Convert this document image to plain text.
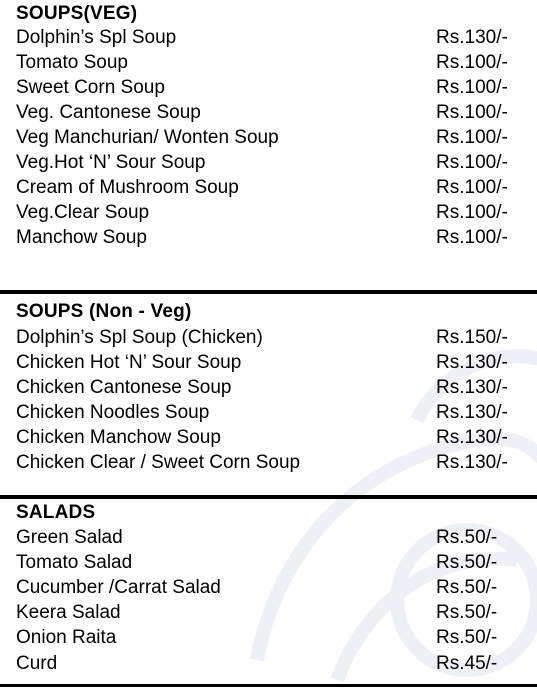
SOUPS(VEG)
Dolphin’s Spl Soup	Rs.130/-
Tomato Soup	Rs.100/-
Sweet Corn Soup	Rs.100/-
Veg. Cantonese Soup	Rs.100/-
Veg Manchurian/ Wonten Soup	Rs.100/-
Veg.Hot ‘N’ Sour Soup	Rs.100/-
Cream of Mushroom Soup	Rs.100/-
Veg.Clear Soup	Rs.100/-
Manchow Soup	Rs.100/-
SOUPS (Non - Veg)
Dolphin’s Spl Soup (Chicken)	Rs.150/-
Chicken Hot ‘N’ Sour Soup	Rs.130/-
Chicken Cantonese Soup	Rs.130/-
Chicken Noodles Soup	Rs.130/-
Chicken Manchow Soup	Rs.130/-
Chicken Clear / Sweet Corn Soup	Rs.130/-
SALADS
Green Salad	Rs.50/-
Tomato Salad	Rs.50/-
Cucumber /Carrat Salad	Rs.50/-
Keera Salad	Rs.50/-
Onion Raita	Rs.50/-
Curd	Rs.45/-
